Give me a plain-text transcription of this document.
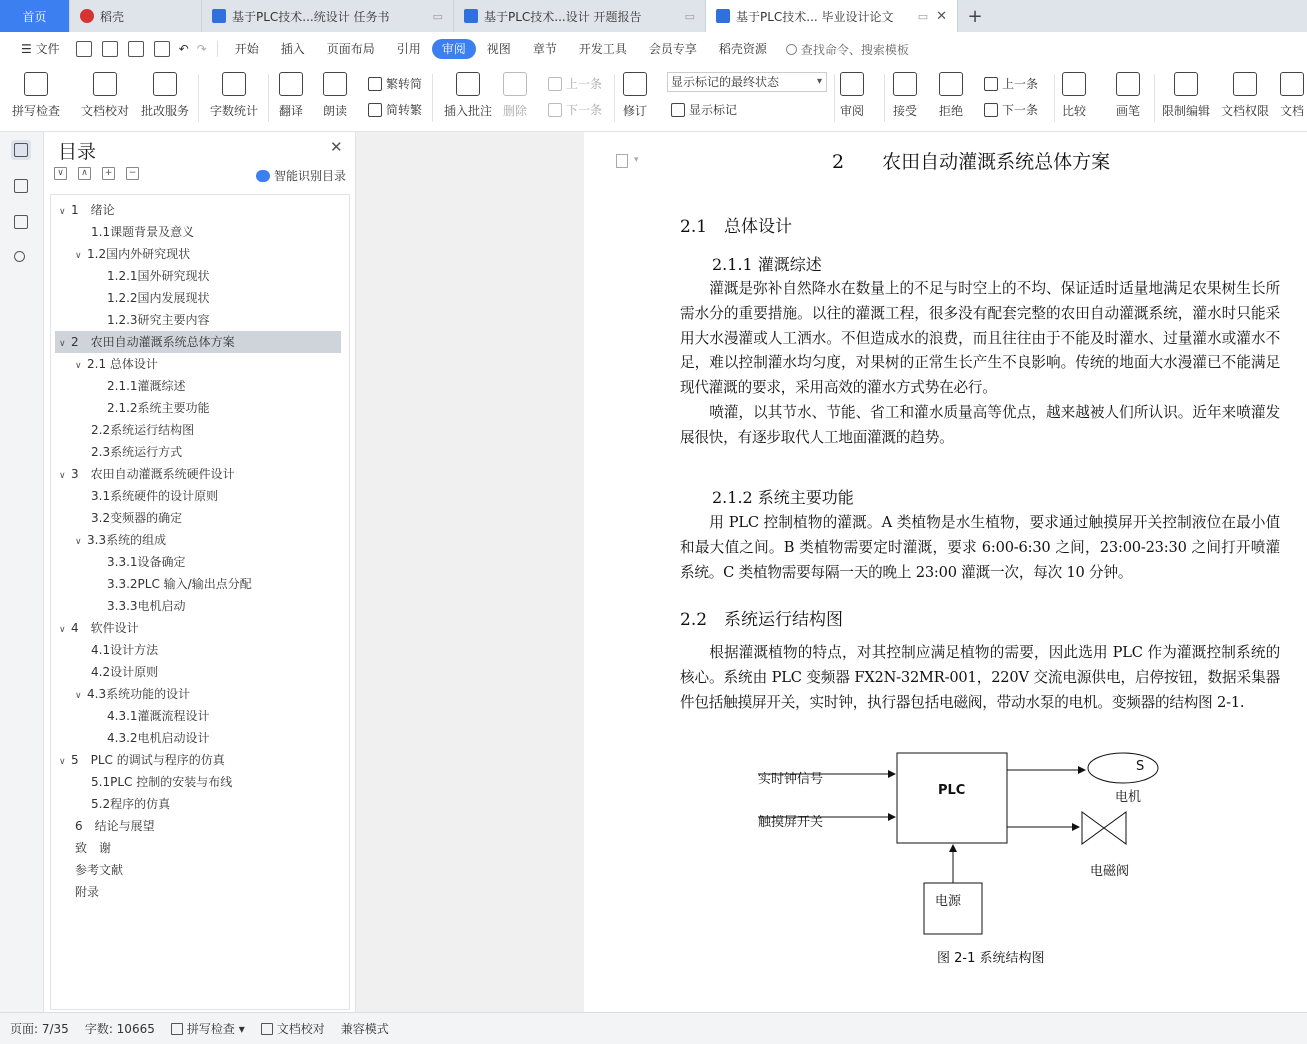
首页	稻壳	基于PLC技术...统设计 任务书	▭	基于PLC技术...设计 开题报告	▭	基于PLC技术... 毕业设计论文	▭ ✕	+
☰ 文件	↶ ↷	开始	插入	页面布局	引用	审阅	视图	章节	开发工具	会员专享	稻壳资源	查找命令、搜索模板
拼写检查 文档校对 批改服务 字数统计 翻译 朗读
繁转简
简转繁 插入批注 删除
上一条
下一条 修订
显示标记的最终状态 ▾
显示标记	审阅 接受 拒绝
上一条
下一条 比较 画笔 限制编辑 文档权限 文档
目录	✕
∨	∧	+	−	智能识别目录
∨ 1　绪论
1.1课题背景及意义
∨ 1.2国内外研究现状
1.2.1国外研究现状
1.2.2国内发展现状
1.2.3研究主要内容
∨ 2　农田自动灌溉系统总体方案
∨ 2.1 总体设计
2.1.1灌溉综述
2.1.2系统主要功能
2.2系统运行结构图
2.3系统运行方式
∨ 3　农田自动灌溉系统硬件设计
3.1系统硬件的设计原则
3.2变频器的确定
∨ 3.3系统的组成
3.3.1设备确定
3.3.2PLC 输入/输出点分配
3.3.3电机启动
∨ 4　软件设计
4.1设计方法
4.2设计原则
∨ 4.3系统功能的设计
4.3.1灌溉流程设计
4.3.2电机启动设计
∨ 5　PLC 的调试与程序的仿真
5.1PLC 控制的安装与布线
5.2程序的仿真
6　结论与展望
致　谢
参考文献
附录
▾	2　　农田自动灌溉系统总体方案
2.1　总体设计
2.1.1 灌溉综述
灌溉是弥补自然降水在数量上的不足与时空上的不均、保证适时适量地满足农果树生长所需水分的重要措施。以往的灌溉工程，很多没有配套完整的农田自动灌溉系统，灌水时只能采用大水漫灌或人工洒水。不但造成水的浪费，而且往往由于不能及时灌水、过量灌水或灌水不足，难以控制灌水均匀度，对果树的正常生长产生不良影响。传统的地面大水漫灌已不能满足现代灌溉的要求，采用高效的灌水方式势在必行。
喷灌，以其节水、节能、省工和灌水质量高等优点，越来越被人们所认识。近年来喷灌发展很快，有逐步取代人工地面灌溉的趋势。
2.1.2 系统主要功能
用 PLC 控制植物的灌溉。A 类植物是水生植物，要求通过触摸屏开关控制液位在最小值和最大值之间。B 类植物需要定时灌溉，要求 6:00-6:30 之间，23:00-23:30 之间打开喷灌系统。C 类植物需要每隔一天的晚上 23:00 灌溉一次，每次 10 分钟。
2.2　系统运行结构图
根据灌溉植物的特点，对其控制应满足植物的需要，因此选用 PLC 作为灌溉控制系统的核心。系统由 PLC 变频器 FX2N-32MR-001，220V 交流电源供电，启停按钮，数据采集器件包括触摸屏开关，实时钟，执行器包括电磁阀，带动水泵的电机。变频器的结构图 2-1.
实时钟信号
触摸屏开关
PLC
S
电机
电磁阀
电源
图 2-1 系统结构图
页面: 7/35 字数: 10665	拼写检查 ▾	文档校对 兼容模式
